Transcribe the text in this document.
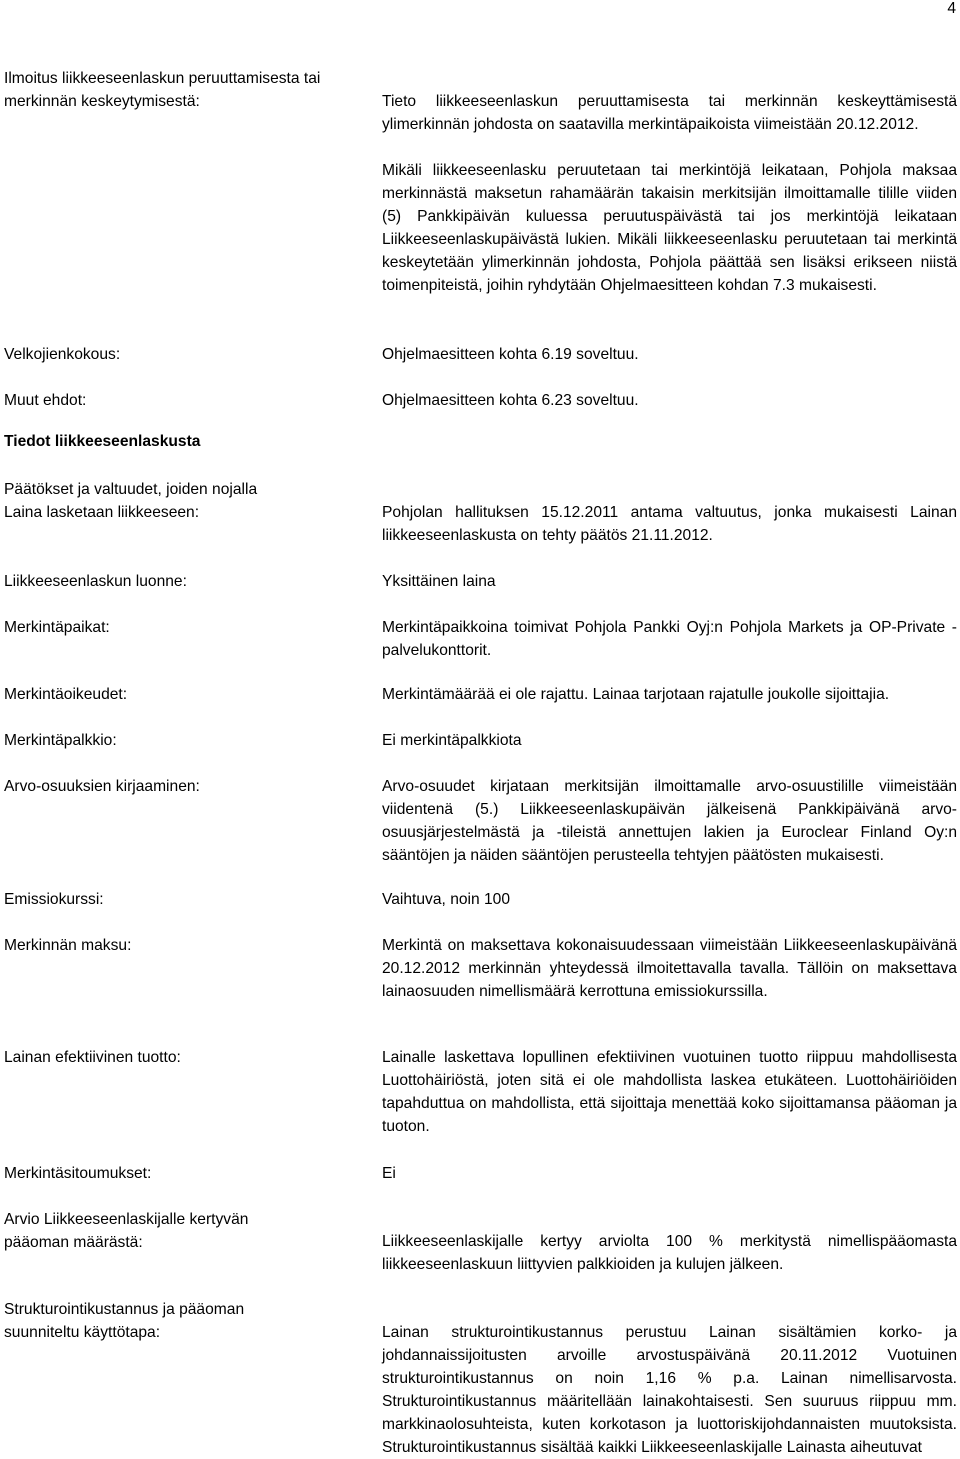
4
Ilmoitus liikkeeseenlaskun peruuttamisesta tai merkinnän keskeytymisestä:	Tieto liikkeeseenlaskun peruuttamisesta tai merkinnän keskeyttämisestä ylimerkinnän johdosta on saatavilla merkintäpaikoista viimeistään 20.12.2012.

Mikäli liikkeeseenlasku peruutetaan tai merkintöjä leikataan, Pohjola maksaa merkinnästä maksetun rahamäärän takaisin merkitsijän ilmoittamalle tilille viiden (5) Pankkipäivän kuluessa peruutuspäivästä tai jos merkintöjä leikataan Liikkeeseenlaskupäivästä lukien. Mikäli liikkeeseenlasku peruutetaan tai merkintä keskeytetään ylimerkinnän johdosta, Pohjola päättää sen lisäksi erikseen niistä toimenpiteistä, joihin ryhdytään Ohjelmaesitteen kohdan 7.3 mukaisesti.

Velkojienkokous:	Ohjelmaesitteen kohta 6.19 soveltuu.

Muut ehdot:	Ohjelmaesitteen kohta 6.23 soveltuu.

Tiedot liikkeeseenlaskusta
Päätökset ja valtuudet, joiden nojalla Laina lasketaan liikkeeseen:	Pohjolan hallituksen 15.12.2011 antama valtuutus, jonka mukaisesti Lainan liikkeeseenlaskusta on tehty päätös 21.11.2012.

Liikkeeseenlaskun luonne:	Yksittäinen laina

Merkintäpaikat:	Merkintäpaikkoina toimivat Pohjola Pankki Oyj:n Pohjola Markets ja OP-Private -palvelukonttorit.

Merkintäoikeudet:	Merkintämäärää ei ole rajattu. Lainaa tarjotaan rajatulle joukolle sijoittajia.

Merkintäpalkkio:	Ei merkintäpalkkiota

Arvo-osuuksien kirjaaminen:	Arvo-osuudet kirjataan merkitsijän ilmoittamalle arvo-osuustilille viimeistään viidentenä (5.) Liikkeeseenlaskupäivän jälkeisenä Pankkipäivänä arvo-osuusjärjestelmästä ja -tileistä annettujen lakien ja Euroclear Finland Oy:n sääntöjen ja näiden sääntöjen perusteella tehtyjen päätösten mukaisesti.

Emissiokurssi:	Vaihtuva, noin 100

Merkinnän maksu:	Merkintä on maksettava kokonaisuudessaan viimeistään Liikkeeseenlaskupäivänä 20.12.2012 merkinnän yhteydessä ilmoitettavalla tavalla. Tällöin on maksettava lainaosuuden nimellismäärä kerrottuna emissiokurssilla.

Lainan efektiivinen tuotto:	Lainalle laskettava lopullinen efektiivinen vuotuinen tuotto riippuu mahdollisesta Luottohäiriöstä, joten sitä ei ole mahdollista laskea etukäteen. Luottohäiriöiden tapahduttua on mahdollista, että sijoittaja menettää koko sijoittamansa pääoman ja tuoton.

Merkintäsitoumukset:	Ei

Arvio Liikkeeseenlaskijalle kertyvän pääoman määrästä:	Liikkeeseenlaskijalle kertyy arviolta 100 % merkitystä nimellispääomasta liikkeeseenlaskuun liittyvien palkkioiden ja kulujen jälkeen.

Strukturointikustannus ja pääoman suunniteltu käyttötapa:	Lainan strukturointikustannus perustuu Lainan sisältämien korko- ja johdannaissijoitusten arvoille arvostuspäivänä 20.11.2012 Vuotuinen strukturointikustannus on noin 1,16 % p.a. Lainan nimellisarvosta. Strukturointikustannus määritellään lainakohtaisesti. Sen suuruus riippuu mm. markkinaolosuhteista, kuten korkotason ja luottoriskijohdannaisten muutoksista. Strukturointikustannus sisältää kaikki Liikkeeseenlaskijalle Lainasta aiheutuvat
